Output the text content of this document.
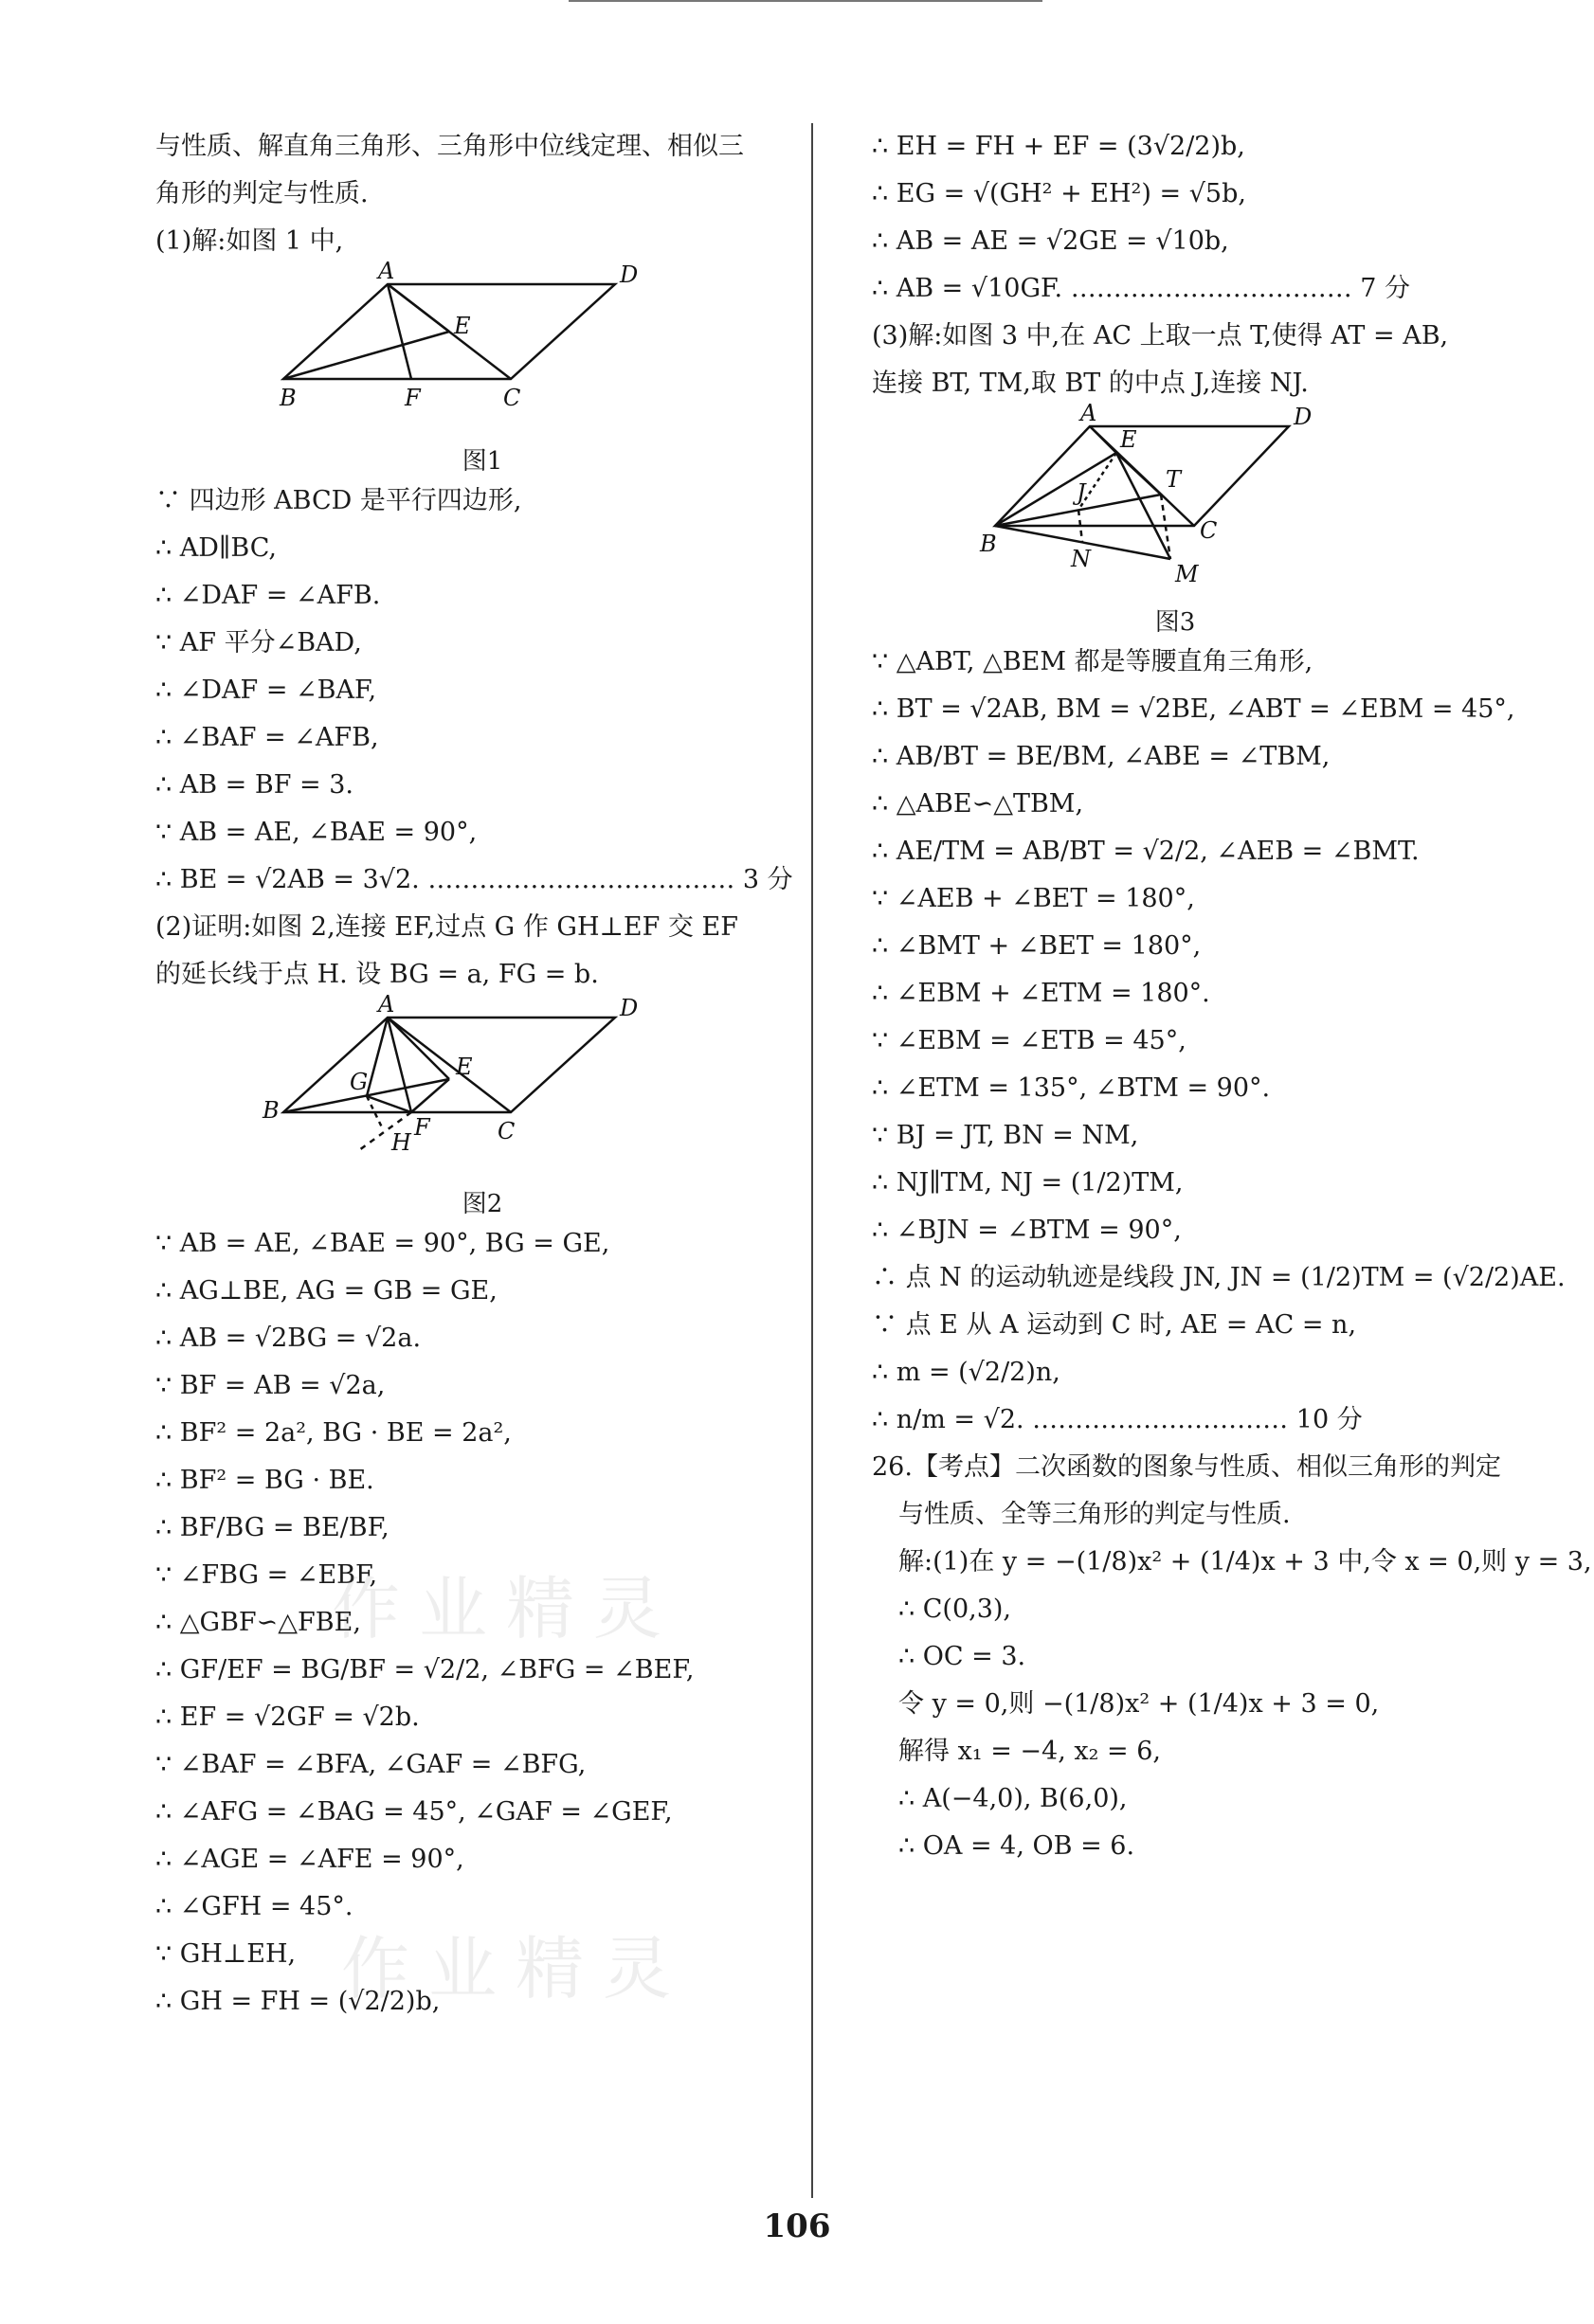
与性质、解直角三角形、三角形中位线定理、相似三
角形的判定与性质.
(1)解:如图 1 中,
A	D
E
B	F	C
图1
∵ 四边形 ABCD 是平行四边形,
∴ AD∥BC,
∴ ∠DAF = ∠AFB.
∵ AF 平分∠BAD,
∴ ∠DAF = ∠BAF,
∴ ∠BAF = ∠AFB,
∴ AB = BF = 3.
∵ AB = AE, ∠BAE = 90°,
∴ BE = √2AB = 3√2. ……………………………… 3 分
(2)证明:如图 2,连接 EF,过点 G 作 GH⊥EF 交 EF
的延长线于点 H. 设 BG = a, FG = b.
A	D
G
E
B
F	C
H
图2
∵ AB = AE, ∠BAE = 90°, BG = GE,
∴ AG⊥BE, AG = GB = GE,
∴ AB = √2BG = √2a.
∵ BF = AB = √2a,
∴ BF² = 2a², BG · BE = 2a²,
∴ BF² = BG · BE.
∴ BF/BG = BE/BF,
∵ ∠FBG = ∠EBF,
∴ △GBF∽△FBE,
∴ GF/EF = BG/BF = √2/2, ∠BFG = ∠BEF,
∴ EF = √2GF = √2b.
∵ ∠BAF = ∠BFA, ∠GAF = ∠BFG,
∴ ∠AFG = ∠BAG = 45°, ∠GAF = ∠GEF,
∴ ∠AGE = ∠AFE = 90°,
∴ ∠GFH = 45°.
∵ GH⊥EH,
∴ GH = FH = (√2/2)b,
∴ EH = FH + EF = (3√2/2)b,
∴ EG = √(GH² + EH²) = √5b,
∴ AB = AE = √2GE = √10b,
∴ AB = √10GF. …………………………… 7 分
(3)解:如图 3 中,在 AC 上取一点 T,使得 AT = AB,
连接 BT, TM,取 BT 的中点 J,连接 NJ.
A	D
E
T
J
B	C
N
M
图3
∵ △ABT, △BEM 都是等腰直角三角形,
∴ BT = √2AB, BM = √2BE, ∠ABT = ∠EBM = 45°,
∴ AB/BT = BE/BM, ∠ABE = ∠TBM,
∴ △ABE∽△TBM,
∴ AE/TM = AB/BT = √2/2, ∠AEB = ∠BMT.
∵ ∠AEB + ∠BET = 180°,
∴ ∠BMT + ∠BET = 180°,
∴ ∠EBM + ∠ETM = 180°.
∵ ∠EBM = ∠ETB = 45°,
∴ ∠ETM = 135°, ∠BTM = 90°.
∵ BJ = JT, BN = NM,
∴ NJ∥TM, NJ = (1/2)TM,
∴ ∠BJN = ∠BTM = 90°,
∴ 点 N 的运动轨迹是线段 JN, JN = (1/2)TM = (√2/2)AE.
∵ 点 E 从 A 运动到 C 时, AE = AC = n,
∴ m = (√2/2)n,
∴ n/m = √2. ………………………… 10 分
26.【考点】二次函数的图象与性质、相似三角形的判定
与性质、全等三角形的判定与性质.
解:(1)在 y = −(1/8)x² + (1/4)x + 3 中,令 x = 0,则 y = 3,
∴ C(0,3),
∴ OC = 3.
令 y = 0,则 −(1/8)x² + (1/4)x + 3 = 0,
解得 x₁ = −4, x₂ = 6,
∴ A(−4,0), B(6,0),
∴ OA = 4, OB = 6.
作业精灵
作业精灵
106
